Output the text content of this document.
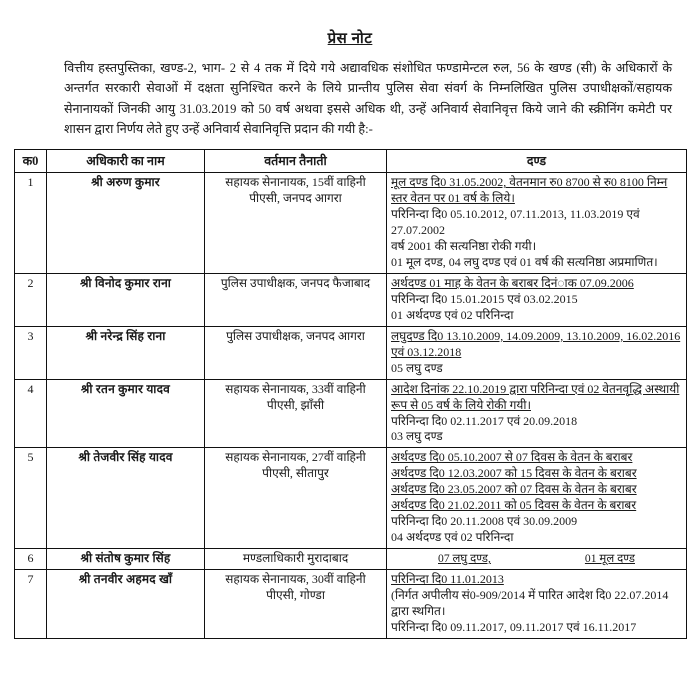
प्रेस नोट
वित्तीय हस्तपुस्तिका, खण्ड-2, भाग- 2 से 4 तक में दिये गये अद्यावधिक संशोधित फण्डामेन्टल रुल, 56 के खण्ड (सी) के अधिकारों के अन्तर्गत सरकारी सेवाओं में दक्षता सुनिश्चित करने के लिये प्रान्तीय पुलिस सेवा संवर्ग के निम्नलिखित पुलिस उपाधीक्षकों/सहायक सेनानायकों जिनकी आयु 31.03.2019 को 50 वर्ष अथवा इससे अधिक थी, उन्हें अनिवार्य सेवानिवृत्त किये जाने की स्क्रीनिंग कमेटी पर शासन द्वारा निर्णय लेते हुए उन्हें अनिवार्य सेवानिवृत्ति प्रदान की गयी है:-
क0	अधिकारी का नाम	वर्तमान तैनाती	दण्ड
1	श्री अरुण कुमार	सहायक सेनानायक, 15वीं वाहिनी पीएसी, जनपद आगरा	मूल दण्ड दि0 31.05.2002, वेतनमान रु0 8700 से रु0 8100 निम्न स्तर वेतन पर 01 वर्ष के लिये।
परिनिन्दा दि0 05.10.2012, 07.11.2013, 11.03.2019 एवं 27.07.2002
वर्ष 2001 की सत्यनिष्ठा रोकी गयी।
01 मूल दण्ड, 04 लघु दण्ड एवं 01 वर्ष की सत्यनिष्ठा अप्रमाणित।

2	श्री विनोद कुमार राना	पुलिस उपाधीक्षक, जनपद फैजाबाद	अर्थदण्ड 01 माह के वेतन के बराबर दिनंाक 07.09.2006
परिनिन्दा दि0 15.01.2015 एवं 03.02.2015
01 अर्थदण्ड एवं 02 परिनिन्दा

3	श्री नरेन्द्र सिंह राना	पुलिस उपाधीक्षक, जनपद आगरा	लघुदण्ड दि0 13.10.2009, 14.09.2009, 13.10.2009, 16.02.2016 एवं 03.12.2018
05 लघु दण्ड

4	श्री रतन कुमार यादव	सहायक सेनानायक, 33वीं वाहिनी पीएसी, झाँसी	आदेश दिनांक 22.10.2019 द्वारा परिनिन्दा एवं 02 वेतनवृद्धि अस्थायी रूप से 05 वर्ष के लिये रोकी गयी।
परिनिन्दा दि0 02.11.2017 एवं 20.09.2018
03 लघु दण्ड

5	श्री तेजवीर सिंह यादव	सहायक सेनानायक, 27वीं वाहिनी पीएसी, सीतापुर	
अर्थदण्ड दि0 05.10.2007 से 07 दिवस के वेतन के बराबर
अर्थदण्ड दि0 12.03.2007 को 15 दिवस के वेतन के बराबर
अर्थदण्ड दि0 23.05.2007 को 07 दिवस के वेतन के बराबर
अर्थदण्ड दि0 21.02.2011 को 05 दिवस के वेतन के बराबर
परिनिन्दा दि0 20.11.2008 एवं 30.09.2009
04 अर्थदण्ड एवं 02 परिनिन्दा

6	श्री संतोष कुमार सिंह	मण्डलाधिकारी मुरादाबाद	07 लघु दण्ड, 01 मूल दण्ड

7	श्री तनवीर अहमद खाँ	सहायक सेनानायक, 30वीं वाहिनी पीएसी, गोण्डा	परिनिन्दा दि0 11.01.2013
(निर्गत अपीलीय सं0-909/2014 में पारित आदेश दि0 22.07.2014 द्वारा स्थगित।
परिनिन्दा दि0 09.11.2017, 09.11.2017 एवं 16.11.2017
